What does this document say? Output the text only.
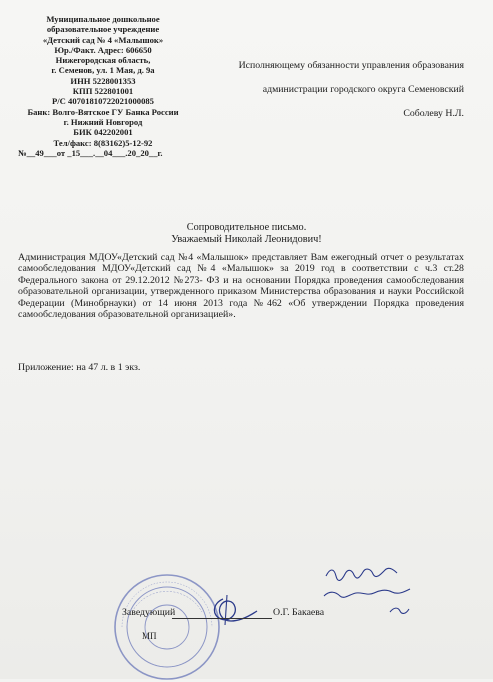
Муниципальное дошкольное
образовательное учреждение
«Детский сад № 4 «Малышок»
Юр./Факт. Адрес: 606650
Нижегородская область,
г. Семенов, ул. 1 Мая, д. 9а
ИНН 5228001353
КПП 522801001
Р/С 40701810722021000085
Банк: Волго-Вятское ГУ Банка России
г. Нижний Новгород
БИК 042202001
Тел/факс: 8(83162)5-12-92
№__49___от _15___.__04___.20_20__г.
Исполняющему обязанности управления образования
администрации городского округа Семеновский
Соболеву Н.Л.
Сопроводительное письмо.
Уважаемый Николай Леонидович!
Администрация МДОУ«Детский сад №4 «Малышок» представляет Вам ежегодный отчет о результатах самообследования МДОУ«Детский сад №4 «Малышок» за 2019 год в соответствии с ч.3 ст.28 Федерального закона от 29.12.2012 №273- ФЗ и на основании Порядка проведения самообследования образовательной организации, утвержденного приказом Министерства образования и науки Российской Федерации (Минобрнауки) от 14 июня 2013 года №462 «Об утверждении Порядка проведения самообследования образовательной организацией».
Приложение: на 47 л. в 1 экз.
Заведующий	О.Г. Бакаева
МП
